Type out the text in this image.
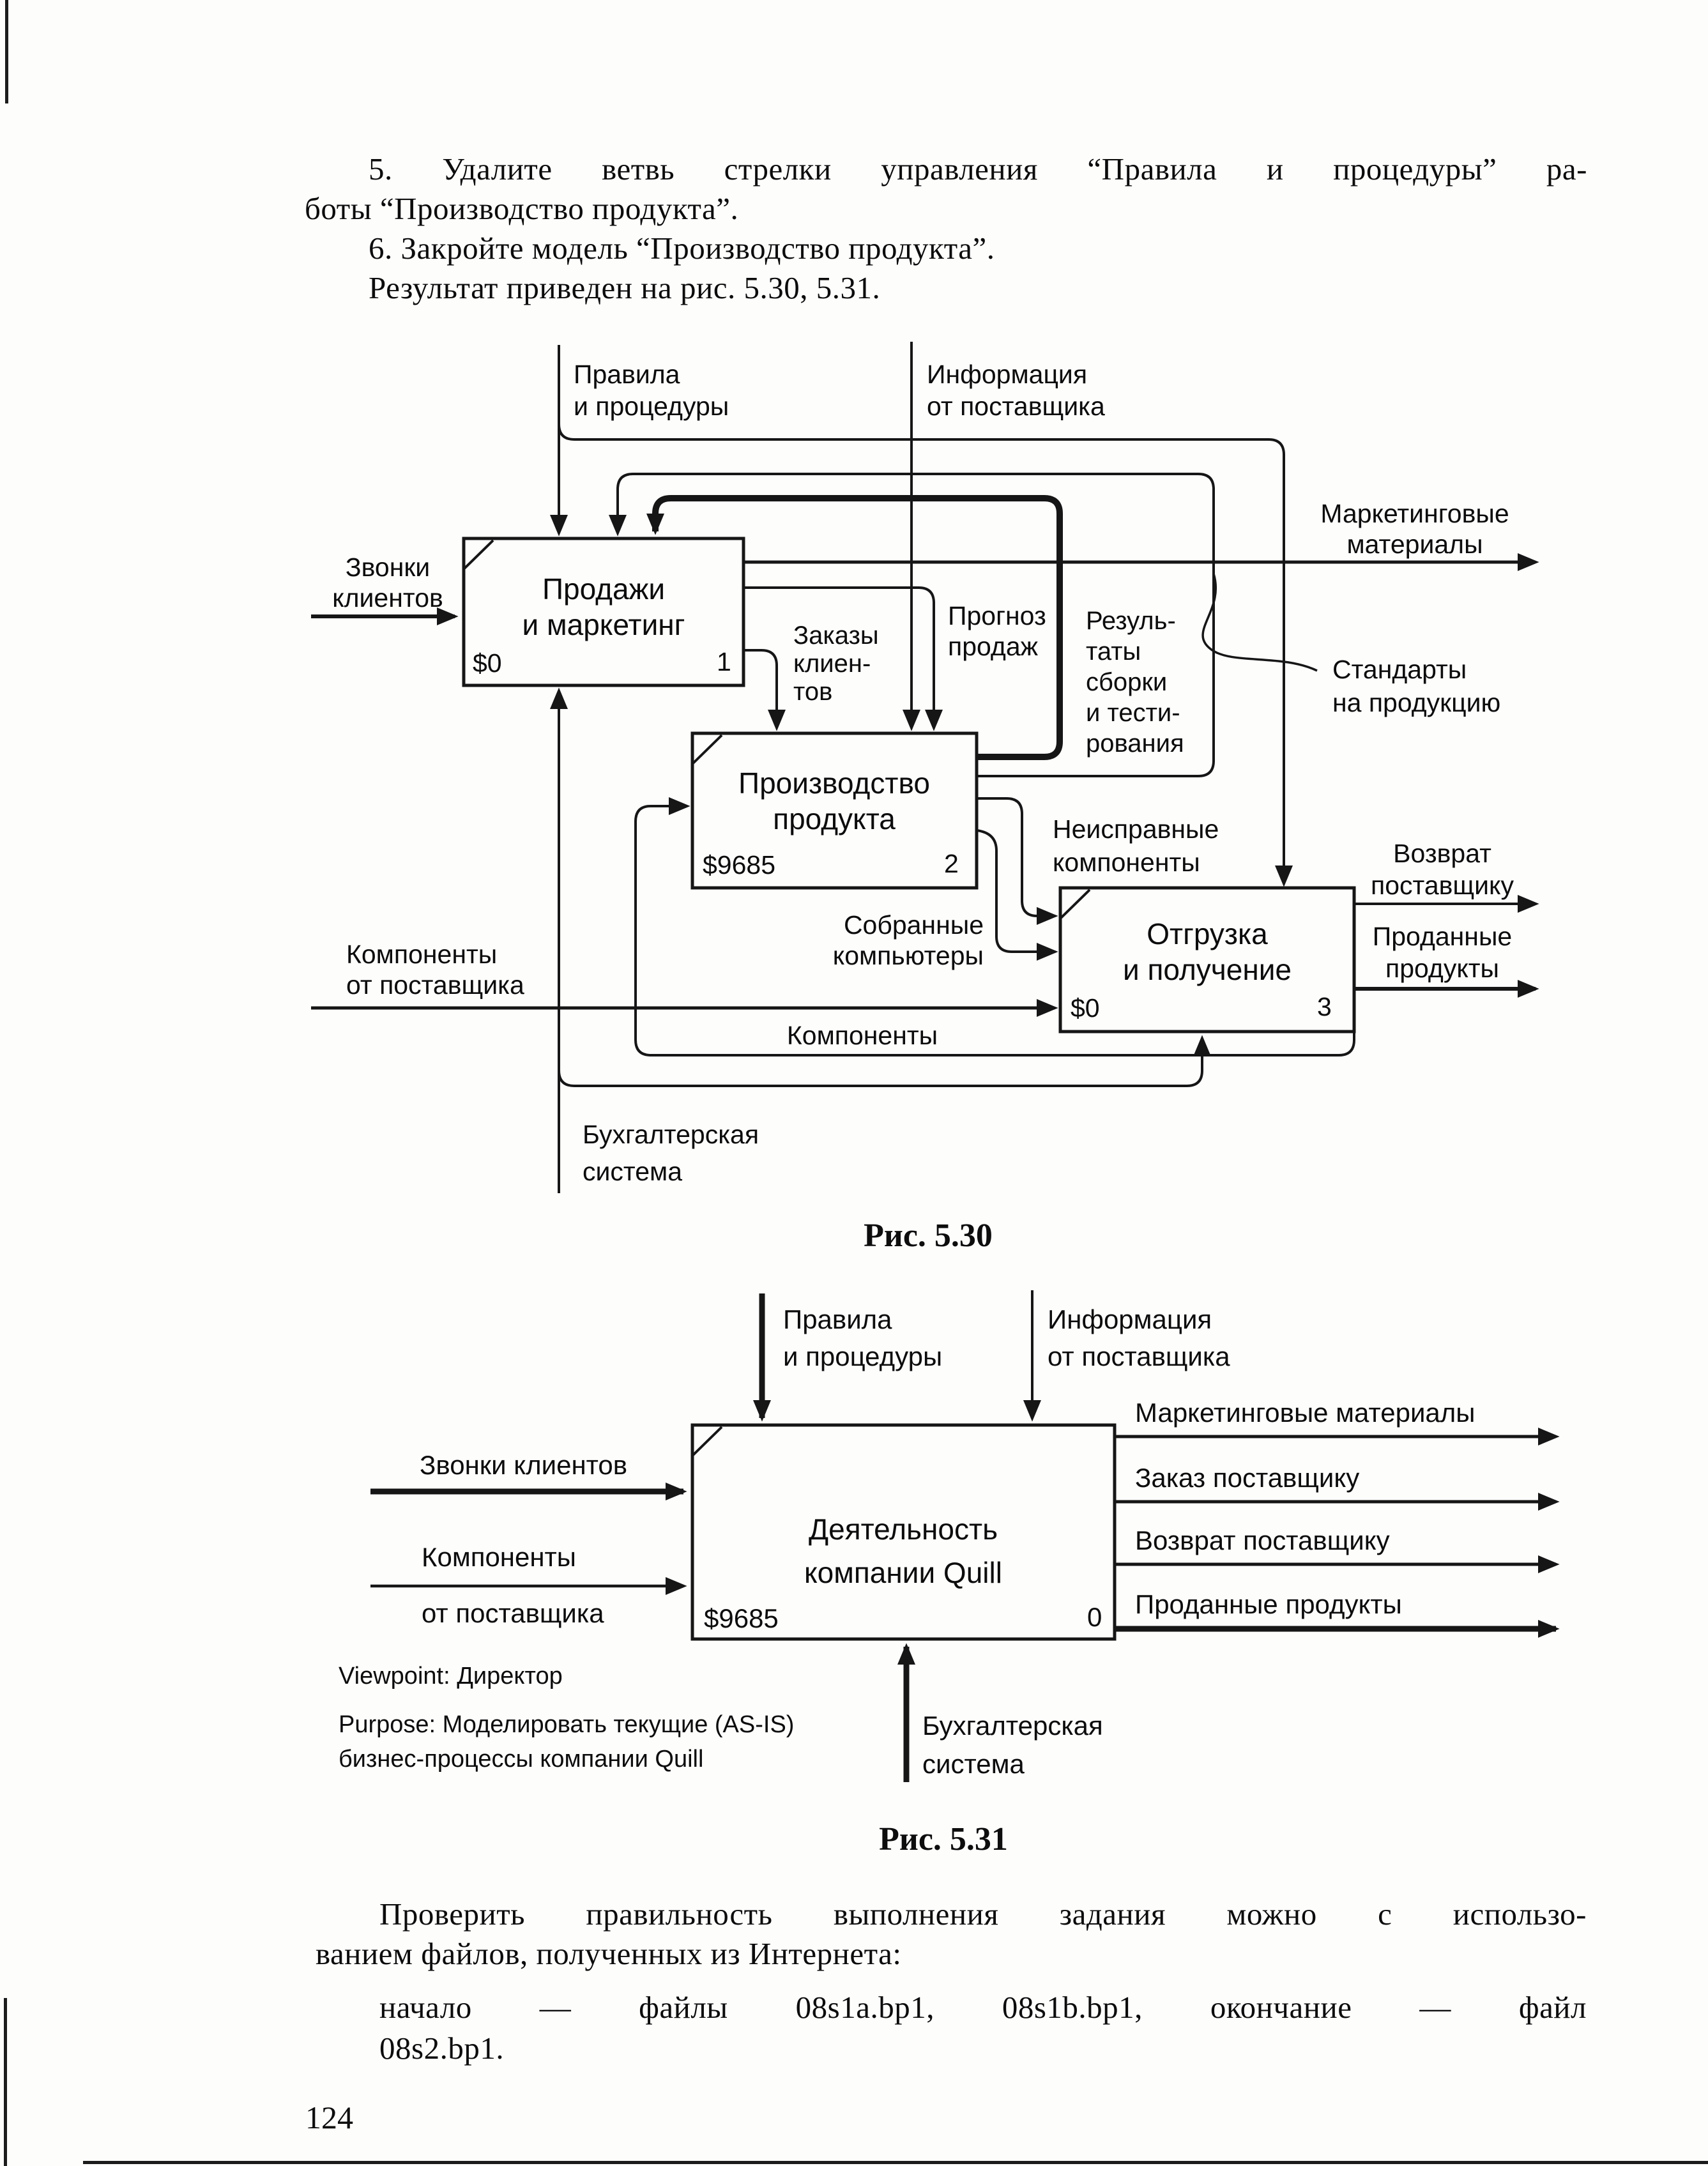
5. Удалите ветвь стрелки управления “Правила и процедуры” ра-
боты “Производство продукта”.
6. Закройте модель “Производство продукта”.
Результат приведен на рис. 5.30, 5.31.
Продажи
и маркетинг
$0	1
Производство
продукта
$9685	2
Отгрузка
и получение
$0	3
Правила
и процедуры
Информация
от поставщика
Звонки
клиентов
Маркетинговые
материалы
Прогноз
продаж
Заказы
клиен-
тов
Резуль-
таты
сборки
и тести-
рования
Стандарты
на продукцию
Неисправные
компоненты
Собранные
компьютеры
Компоненты
от поставщика
Компоненты
Возврат
поставщику
Проданные
продукты
Бухгалтерская
система
Рис. 5.30
Деятельность
компании Quill
$9685	0
Правила
и процедуры
Информация
от поставщика
Звонки клиентов
Компоненты
от поставщика
Маркетинговые материалы
Заказ поставщику
Возврат поставщику
Проданные продукты
Бухгалтерская
система
Viewpoint: Директор
Purpose: Моделировать текущие (AS-IS)
бизнес-процессы компании Quill
Рис. 5.31
Проверить правильность выполнения задания можно с использо-
ванием файлов, полученных из Интернета:
начало — файлы 08s1a.bp1, 08s1b.bp1, окончание — файл
08s2.bp1.
124
